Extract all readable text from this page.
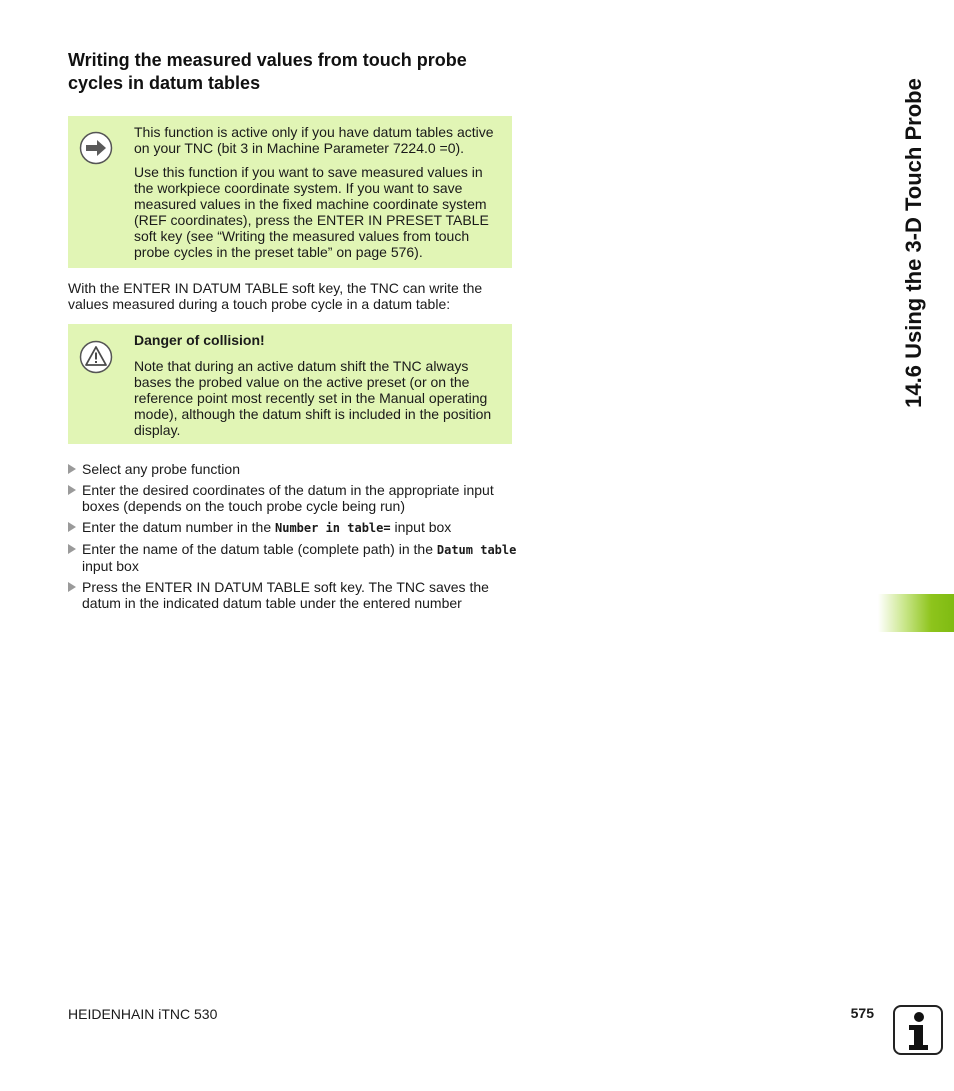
Writing the measured values from touch probe cycles in datum tables

This function is active only if you have datum tables active on your TNC (bit 3 in Machine Parameter 7224.0 =0).

Use this function if you want to save measured values in the workpiece coordinate system. If you want to save measured values in the fixed machine coordinate system (REF coordinates), press the ENTER IN PRESET TABLE soft key (see “Writing the measured values from touch probe cycles in the preset table” on page 576).

With the ENTER IN DATUM TABLE soft key, the TNC can write the values measured during a touch probe cycle in a datum table:

Danger of collision!

Note that during an active datum shift the TNC always bases the probed value on the active preset (or on the reference point most recently set in the Manual operating mode), although the datum shift is included in the position display.

Select any probe function
Enter the desired coordinates of the datum in the appropriate input boxes (depends on the touch probe cycle being run)
Enter the datum number in the Number in table= input box
Enter the name of the datum table (complete path) in the Datum table input box
Press the ENTER IN DATUM TABLE soft key. The TNC saves the datum in the indicated datum table under the entered number
14.6 Using the 3-D Touch Probe
HEIDENHAIN iTNC 530	575
